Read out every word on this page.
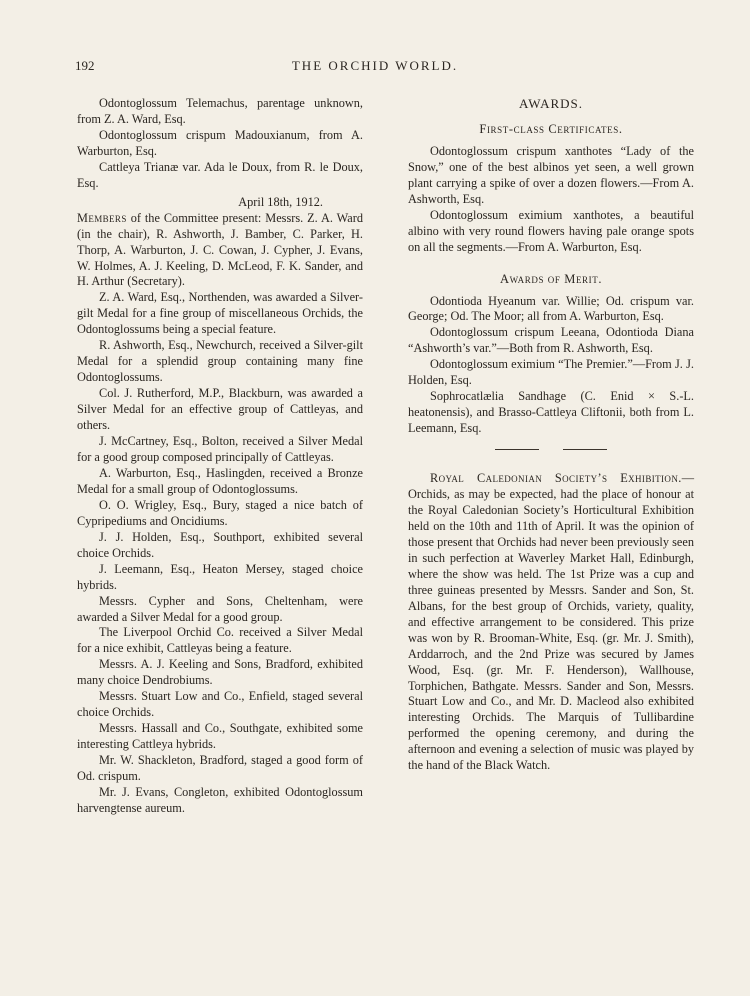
192	THE ORCHID WORLD.

Odontoglossum Telemachus, parentage unknown, from Z. A. Ward, Esq.

Odontoglossum crispum Madouxianum, from A. Warburton, Esq.

Cattleya Trianæ var. Ada le Doux, from R. le Doux, Esq.

April 18th, 1912.

Members of the Committee present: Messrs. Z. A. Ward (in the chair), R. Ashworth, J. Bamber, C. Parker, H. Thorp, A. Warburton, J. C. Cowan, J. Cypher, J. Evans, W. Holmes, A. J. Keeling, D. McLeod, F. K. Sander, and H. Arthur (Secretary).

Z. A. Ward, Esq., Northenden, was awarded a Silver-gilt Medal for a fine group of miscellaneous Orchids, the Odontoglossums being a special feature.

R. Ashworth, Esq., Newchurch, received a Silver-gilt Medal for a splendid group containing many fine Odontoglossums.

Col. J. Rutherford, M.P., Blackburn, was awarded a Silver Medal for an effective group of Cattleyas, and others.

J. McCartney, Esq., Bolton, received a Silver Medal for a good group composed principally of Cattleyas.

A. Warburton, Esq., Haslingden, received a Bronze Medal for a small group of Odontoglossums.

O. O. Wrigley, Esq., Bury, staged a nice batch of Cypripediums and Oncidiums.

J. J. Holden, Esq., Southport, exhibited several choice Orchids.

J. Leemann, Esq., Heaton Mersey, staged choice hybrids.

Messrs. Cypher and Sons, Cheltenham, were awarded a Silver Medal for a good group.

The Liverpool Orchid Co. received a Silver Medal for a nice exhibit, Cattleyas being a feature.

Messrs. A. J. Keeling and Sons, Bradford, exhibited many choice Dendrobiums.

Messrs. Stuart Low and Co., Enfield, staged several choice Orchids.

Messrs. Hassall and Co., Southgate, exhibited some interesting Cattleya hybrids.

Mr. W. Shackleton, Bradford, staged a good form of Od. crispum.

Mr. J. Evans, Congleton, exhibited Odontoglossum harvengtense aureum.

AWARDS.
First-class Certificates.

Odontoglossum crispum xanthotes “Lady of the Snow,” one of the best albinos yet seen, a well grown plant carrying a spike of over a dozen flowers.—From A. Ashworth, Esq.

Odontoglossum eximium xanthotes, a beautiful albino with very round flowers having pale orange spots on all the segments.—From A. Warburton, Esq.

Awards of Merit.

Odontioda Hyeanum var. Willie; Od. crispum var. George; Od. The Moor; all from A. Warburton, Esq.

Odontoglossum crispum Leeana, Odontioda Diana “Ashworth’s var.”—Both from R. Ashworth, Esq.

Odontoglossum eximium “The Premier.”—From J. J. Holden, Esq.

Sophrocatlælia Sandhage (C. Enid × S.-L. heatonensis), and Brasso-Cattleya Cliftonii, both from L. Leemann, Esq.

Royal Caledonian Society’s Exhibition.—Orchids, as may be expected, had the place of honour at the Royal Caledonian Society’s Horticultural Exhibition held on the 10th and 11th of April. It was the opinion of those present that Orchids had never been previously seen in such perfection at Waverley Market Hall, Edinburgh, where the show was held. The 1st Prize was a cup and three guineas presented by Messrs. Sander and Son, St. Albans, for the best group of Orchids, variety, quality, and effective arrangement to be considered. This prize was won by R. Brooman-White, Esq. (gr. Mr. J. Smith), Arddarroch, and the 2nd Prize was secured by James Wood, Esq. (gr. Mr. F. Henderson), Wallhouse, Torphichen, Bathgate. Messrs. Sander and Son, Messrs. Stuart Low and Co., and Mr. D. Macleod also exhibited interesting Orchids. The Marquis of Tullibardine performed the opening ceremony, and during the afternoon and evening a selection of music was played by the hand of the Black Watch.
